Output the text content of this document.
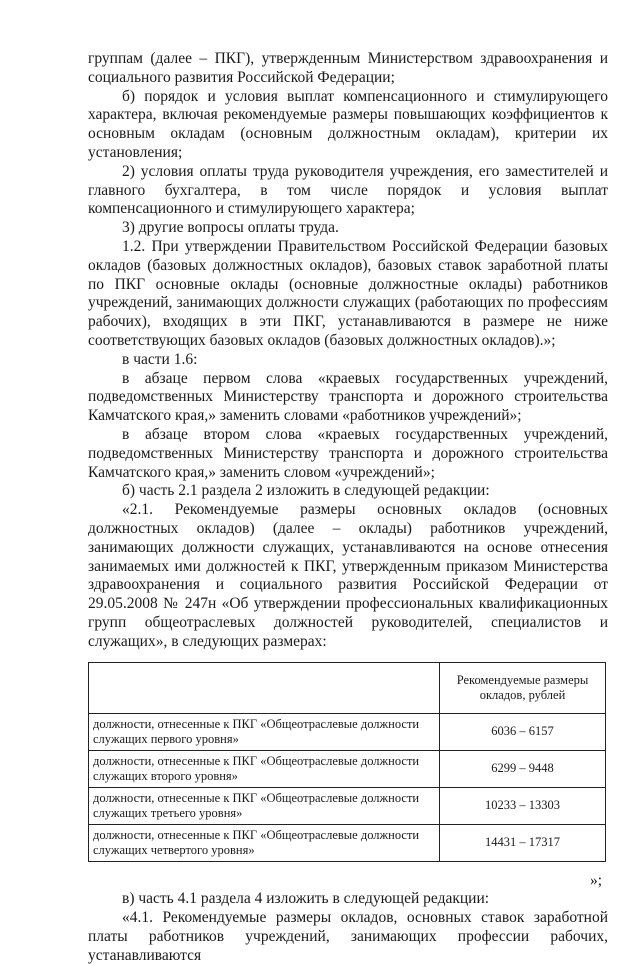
группам (далее – ПКГ), утвержденным Министерством здравоохранения и социального развития Российской Федерации;

б) порядок и условия выплат компенсационного и стимулирующего характера, включая рекомендуемые размеры повышающих коэффициентов к основным окладам (основным должностным окладам), критерии их установления;

2) условия оплаты труда руководителя учреждения, его заместителей и главного бухгалтера, в том числе порядок и условия выплат компенсационного и стимулирующего характера;

3) другие вопросы оплаты труда.

1.2. При утверждении Правительством Российской Федерации базовых окладов (базовых должностных окладов), базовых ставок заработной платы по ПКГ основные оклады (основные должностные оклады) работников учреждений, занимающих должности служащих (работающих по профессиям рабочих), входящих в эти ПКГ, устанавливаются в размере не ниже соответствующих базовых окладов (базовых должностных окладов).»;

в части 1.6:

в абзаце первом слова «краевых государственных учреждений, подведомственных Министерству транспорта и дорожного строительства Камчатского края,» заменить словами «работников учреждений»;

в абзаце втором слова «краевых государственных учреждений, подведомственных Министерству транспорта и дорожного строительства Камчатского края,» заменить словом «учреждений»;

б) часть 2.1 раздела 2 изложить в следующей редакции:

«2.1. Рекомендуемые размеры основных окладов (основных должностных окладов) (далее – оклады) работников учреждений, занимающих должности служащих, устанавливаются на основе отнесения занимаемых ими должностей к ПКГ, утвержденным приказом Министерства здравоохранения и социального развития Российской Федерации от 29.05.2008 № 247н «Об утверждении профессиональных квалификационных групп общеотраслевых должностей руководителей, специалистов и служащих», в следующих размерах:

	Рекомендуемые размеры окладов, рублей
должности, отнесенные к ПКГ «Общеотраслевые должности служащих первого уровня»	6036 – 6157
должности, отнесенные к ПКГ «Общеотраслевые должности служащих второго уровня»	6299 – 9448
должности, отнесенные к ПКГ «Общеотраслевые должности служащих третьего уровня»	10233 – 13303
должности, отнесенные к ПКГ «Общеотраслевые должности служащих четвертого уровня»	14431 – 17317

»;

в) часть 4.1 раздела 4 изложить в следующей редакции:

«4.1. Рекомендуемые размеры окладов, основных ставок заработной платы работников учреждений, занимающих профессии рабочих, устанавливаются
